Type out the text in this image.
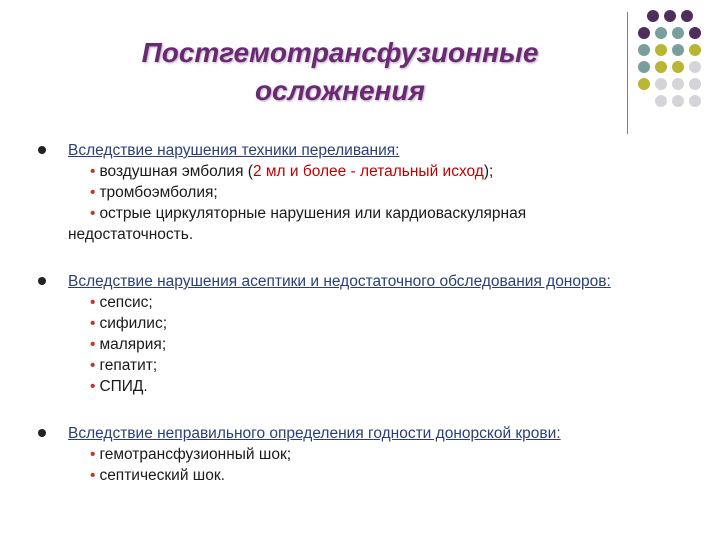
Постгемотрансфузионные
осложнения
Вследствие нарушения техники переливания:
• воздушная эмболия (2 мл и более - летальный исход);
• тромбоэмболия;
• острые циркуляторные нарушения или кардиоваскулярная
недостаточность.
Вследствие нарушения асептики и недостаточного обследования доноров:
• сепсис;
• сифилис;
• малярия;
• гепатит;
• СПИД.
Вследствие неправильного определения годности донорской крови:
• гемотрансфузионный шок;
• септический шок.
